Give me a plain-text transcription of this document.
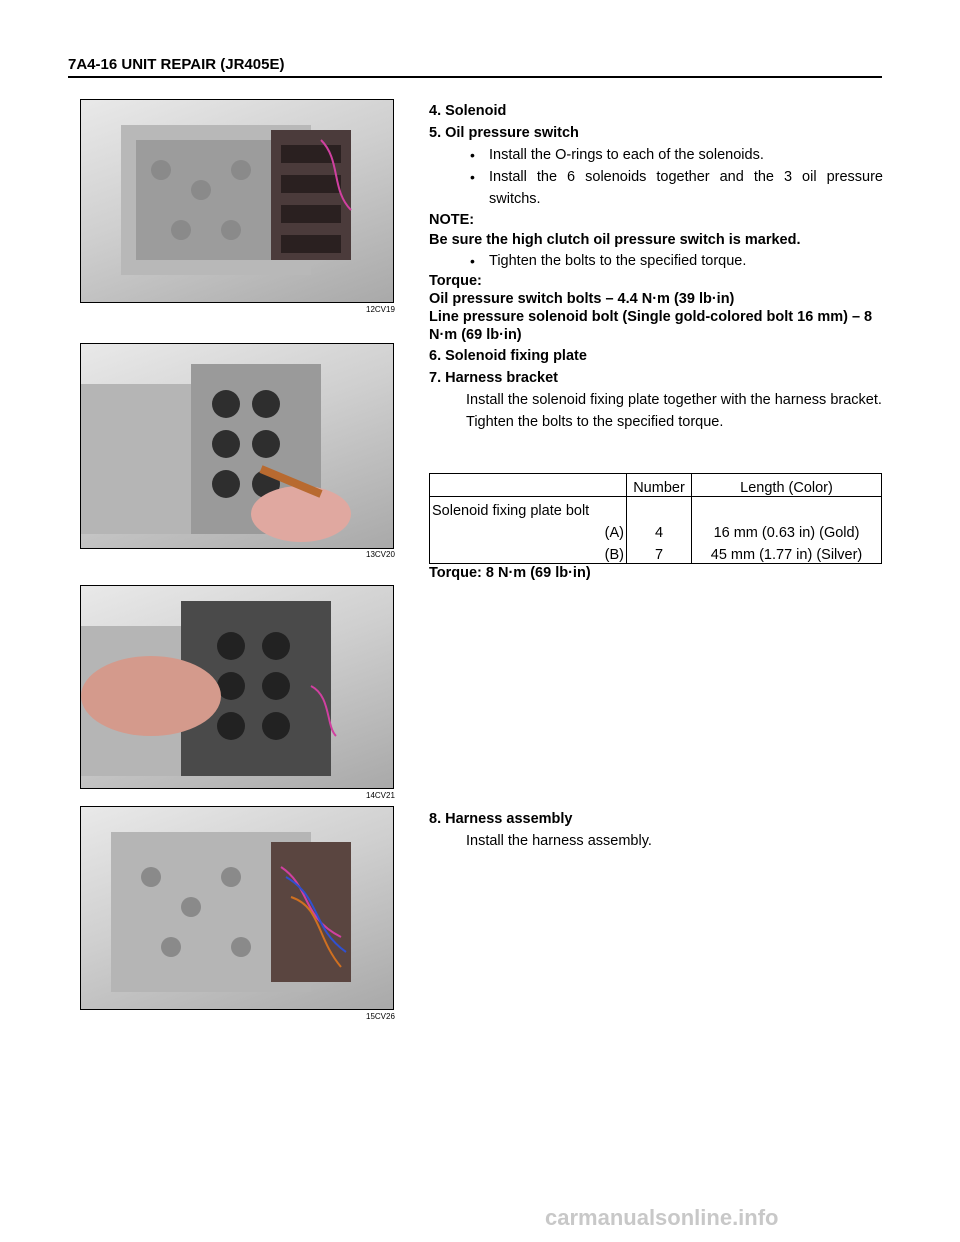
7A4-16 UNIT REPAIR (JR405E)
12CV19
13CV20
14CV21
15CV26
4. Solenoid
5. Oil pressure switch
• Install the O-rings to each of the solenoids.
• Install the 6 solenoids together and the 3 oil pressure switchs.
NOTE:
Be sure the high clutch oil pressure switch is marked.
• Tighten the bolts to the specified torque.
Torque:
Oil pressure switch bolts – 4.4 N·m (39 lb·in)
Line pressure solenoid bolt (Single gold-colored bolt 16 mm) – 8 N·m (69 lb·in)
6. Solenoid fixing plate
7. Harness bracket
Install the solenoid fixing plate together with the harness bracket.
Tighten the bolts to the specified torque.
	Number	Length (Color)
Solenoid fixing plate bolt		
(A)	4	16 mm (0.63 in) (Gold)
(B)	7	45 mm (1.77 in) (Silver)
Torque: 8 N·m (69 lb·in)
8. Harness assembly
Install the harness assembly.
carmanualsonline.info
